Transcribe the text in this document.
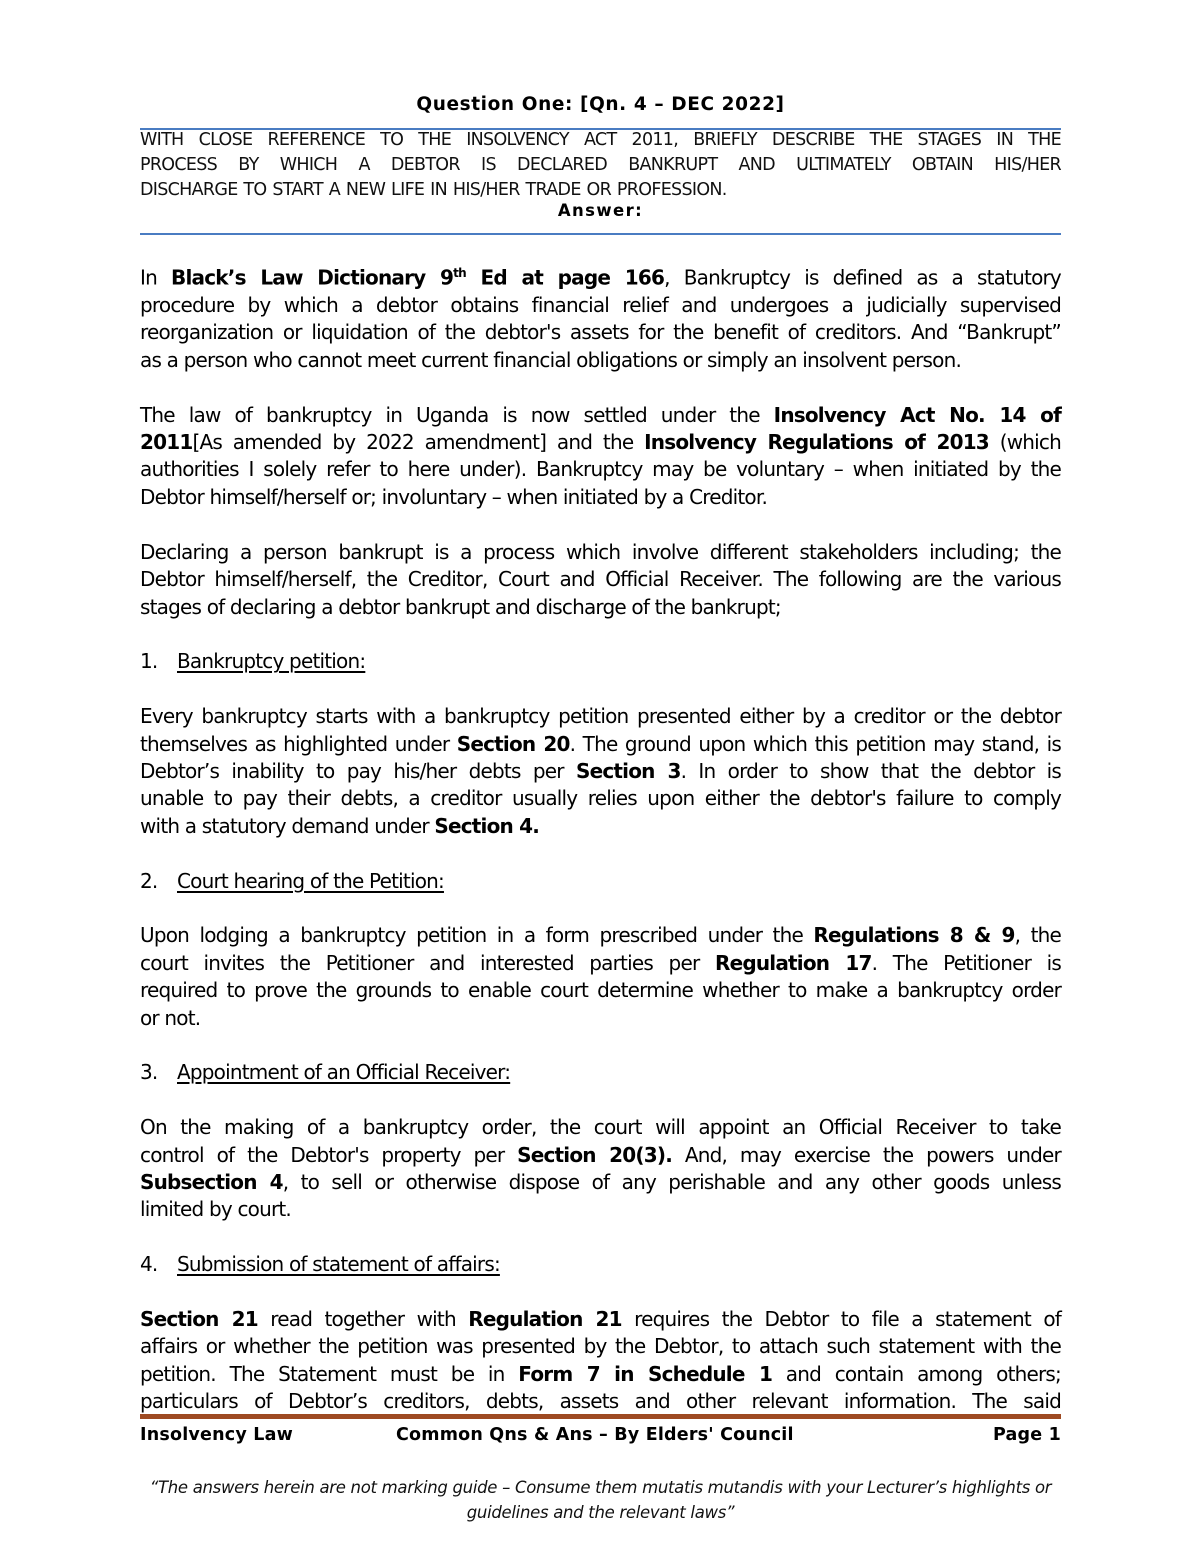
Question One: [Qn. 4 – DEC 2022]
WITH CLOSE REFERENCE TO THE INSOLVENCY ACT 2011, BRIEFLY DESCRIBE THE STAGES IN THE
PROCESS BY WHICH A DEBTOR IS DECLARED BANKRUPT AND ULTIMATELY OBTAIN HIS/HER
DISCHARGE TO START A NEW LIFE IN HIS/HER TRADE OR PROFESSION.
Answer:

In Black’s Law Dictionary 9th Ed at page 166, Bankruptcy is defined as a statutory
procedure by which a debtor obtains financial relief and undergoes a judicially supervised
reorganization or liquidation of the debtor's assets for the benefit of creditors. And “Bankrupt”
as a person who cannot meet current financial obligations or simply an insolvent person.

The law of bankruptcy in Uganda is now settled under the Insolvency Act No. 14 of
2011[As amended by 2022 amendment] and the Insolvency Regulations of 2013 (which
authorities I solely refer to here under). Bankruptcy may be voluntary – when initiated by the
Debtor himself/herself or; involuntary – when initiated by a Creditor.

Declaring a person bankrupt is a process which involve different stakeholders including; the
Debtor himself/herself, the Creditor, Court and Official Receiver. The following are the various
stages of declaring a debtor bankrupt and discharge of the bankrupt;

1. Bankruptcy petition:

Every bankruptcy starts with a bankruptcy petition presented either by a creditor or the debtor
themselves as highlighted under Section 20. The ground upon which this petition may stand, is
Debtor’s inability to pay his/her debts per Section 3. In order to show that the debtor is
unable to pay their debts, a creditor usually relies upon either the debtor's failure to comply
with a statutory demand under Section 4.

2. Court hearing of the Petition:

Upon lodging a bankruptcy petition in a form prescribed under the Regulations 8 & 9, the
court invites the Petitioner and interested parties per Regulation 17. The Petitioner is
required to prove the grounds to enable court determine whether to make a bankruptcy order
or not.

3. Appointment of an Official Receiver:

On the making of a bankruptcy order, the court will appoint an Official Receiver to take
control of the Debtor's property per Section 20(3). And, may exercise the powers under
Subsection 4, to sell or otherwise dispose of any perishable and any other goods unless
limited by court.

4. Submission of statement of affairs:

Section 21 read together with Regulation 21 requires the Debtor to file a statement of
affairs or whether the petition was presented by the Debtor, to attach such statement with the
petition. The Statement must be in Form 7 in Schedule 1 and contain among others;
particulars of Debtor’s creditors, debts, assets and other relevant information. The said

Insolvency Law	Common Qns & Ans – By Elders' Council	Page 1
“The answers herein are not marking guide – Consume them mutatis mutandis with your Lecturer’s highlights or
guidelines and the relevant laws”
